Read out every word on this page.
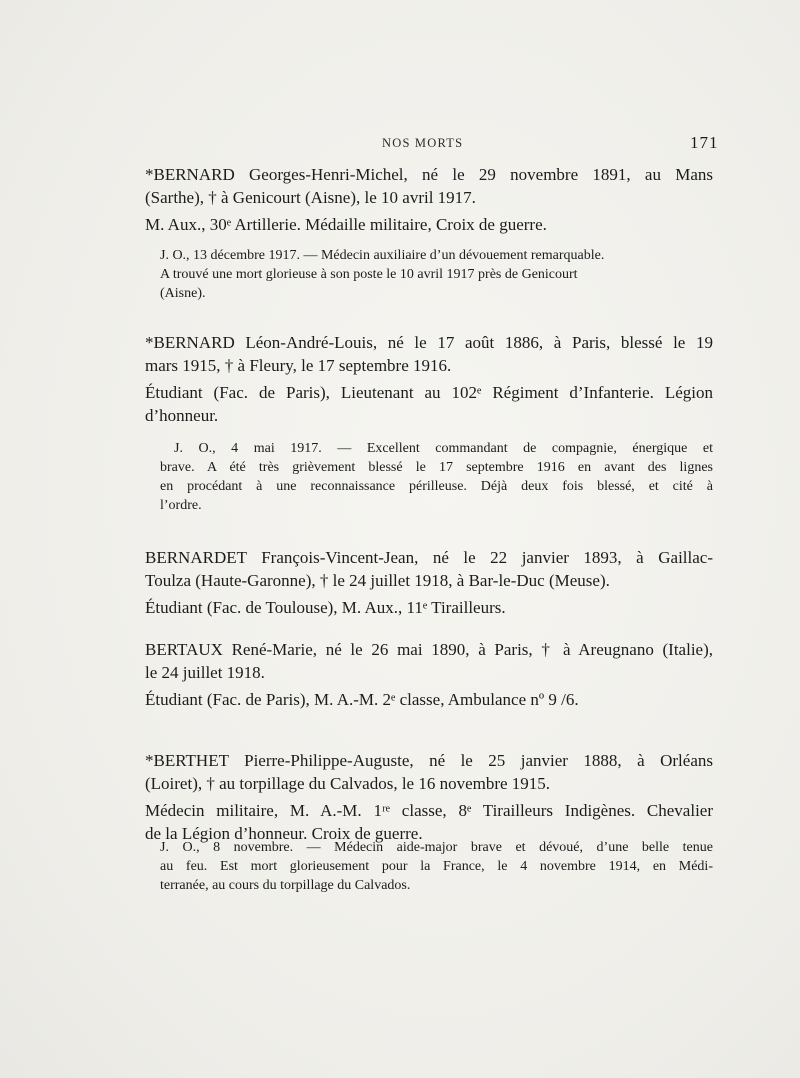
NOS MORTS	171
*BERNARD Georges-Henri-Michel, né le 29 novembre 1891, au Mans
(Sarthe), † à Genicourt (Aisne), le 10 avril 1917.
M. Aux., 30ᵉ Artillerie. Médaille militaire, Croix de guerre.
J. O., 13 décembre 1917. — Médecin auxiliaire d’un dévouement remarquable.
A trouvé une mort glorieuse à son poste le 10 avril 1917 près de Genicourt
(Aisne).
*BERNARD Léon-André-Louis, né le 17 août 1886, à Paris, blessé le 19
mars 1915, † à Fleury, le 17 septembre 1916.
Étudiant (Fac. de Paris), Lieutenant au 102ᵉ Régiment d’Infanterie. Légion
d’honneur.
J. O., 4 mai 1917. — Excellent commandant de compagnie, énergique et
brave. A été très grièvement blessé le 17 septembre 1916 en avant des lignes
en procédant à une reconnaissance périlleuse. Déjà deux fois blessé, et cité à
l’ordre.
BERNARDET François-Vincent-Jean, né le 22 janvier 1893, à Gaillac-
Toulza (Haute-Garonne), † le 24 juillet 1918, à Bar-le-Duc (Meuse).
Étudiant (Fac. de Toulouse), M. Aux., 11ᵉ Tirailleurs.
BERTAUX René-Marie, né le 26 mai 1890, à Paris, † à Areugnano (Italie),
le 24 juillet 1918.
Étudiant (Fac. de Paris), M. A.-M. 2ᵉ classe, Ambulance nº 9 /6.
*BERTHET Pierre-Philippe-Auguste, né le 25 janvier 1888, à Orléans
(Loiret), † au torpillage du Calvados, le 16 novembre 1915.
Médecin militaire, M. A.-M. 1ʳᵉ classe, 8ᵉ Tirailleurs Indigènes. Chevalier
de la Légion d’honneur. Croix de guerre.
J. O., 8 novembre. — Médecin aide-major brave et dévoué, d’une belle tenue
au feu. Est mort glorieusement pour la France, le 4 novembre 1914, en Médi-
terranée, au cours du torpillage du Calvados.
